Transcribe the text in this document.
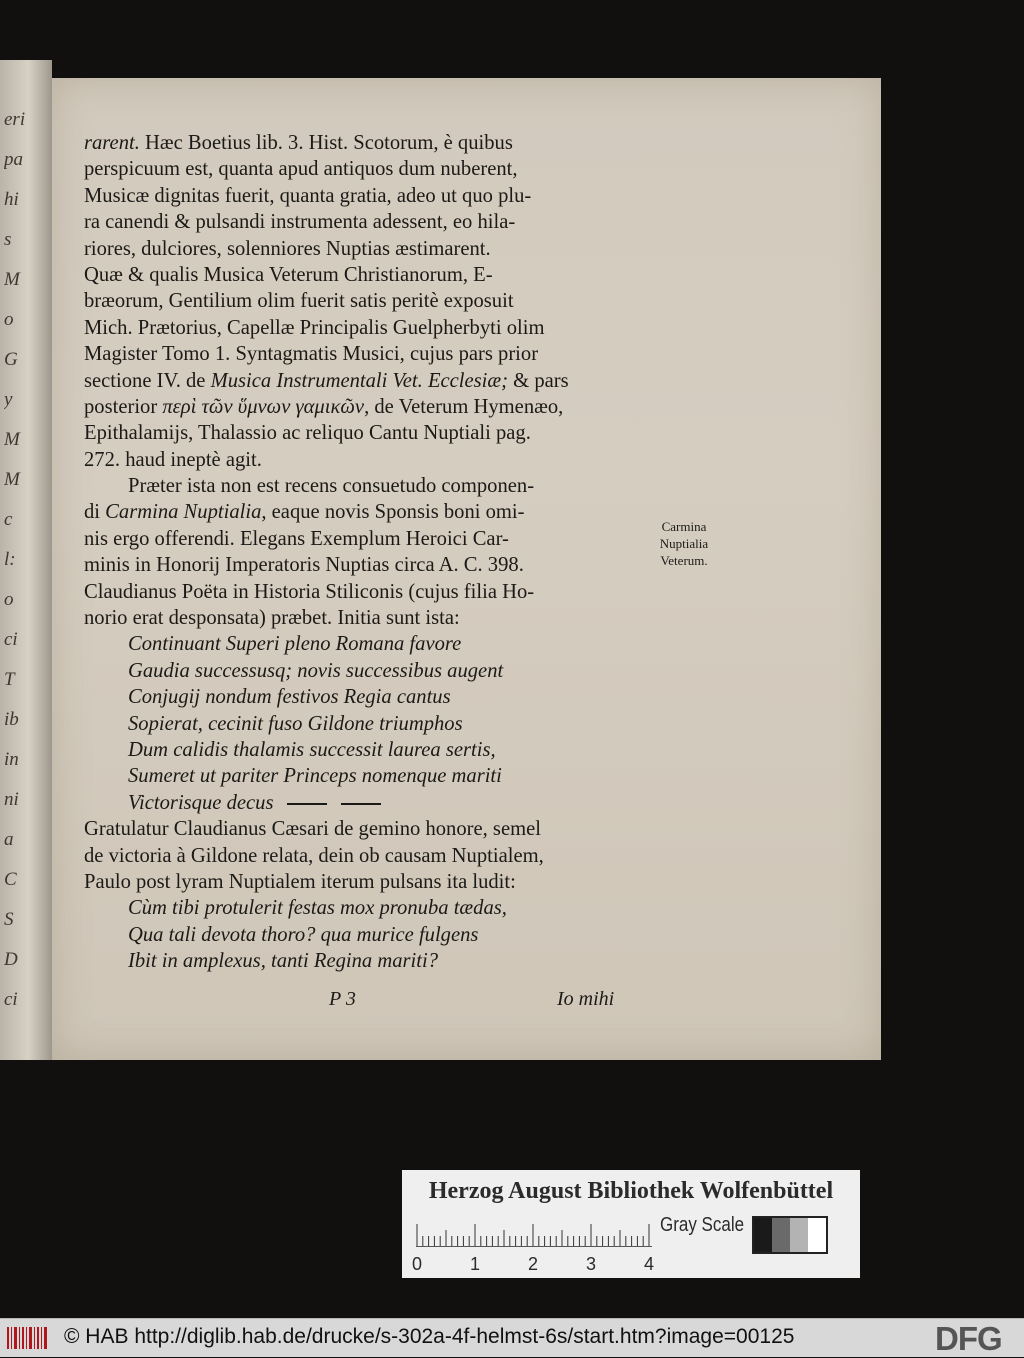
eri
pa
hi
s
M
o
G
y
M
M
c
l:
o
ci
T
ib
in
ni
a
C
S
D
ci
rarent. Hæc Boetius lib. 3. Hist. Scotorum, è quibus
perspicuum est, quanta apud antiquos dum nuberent,
Musicæ dignitas fuerit, quanta gratia, adeo ut quo plu-
ra canendi & pulsandi instrumenta adessent, eo hila-
riores, dulciores, solenniores Nuptias æstimarent.
Quæ & qualis Musica Veterum Christianorum, E-
bræorum, Gentilium olim fuerit satis peritè exposuit
Mich. Prætorius, Capellæ Principalis Guelpherbyti olim
Magister Tomo 1. Syntagmatis Musici, cujus pars prior
sectione IV. de Musica Instrumentali Vet. Ecclesiæ; & pars
posterior περὶ τῶν ὕμνων γαμικῶν, de Veterum Hymenæo,
Epithalamijs, Thalassio ac reliquo Cantu Nuptiali pag.
272. haud ineptè agit.
Præter ista non est recens consuetudo componen-
di Carmina Nuptialia, eaque novis Sponsis boni omi-
nis ergo offerendi. Elegans Exemplum Heroici Car-
minis in Honorij Imperatoris Nuptias circa A. C. 398.
Claudianus Poëta in Historia Stiliconis (cujus filia Ho-
norio erat desponsata) præbet. Initia sunt ista:
Continuant Superi pleno Romana favore
Gaudia successusq; novis successibus augent
Conjugij nondum festivos Regia cantus
Sopierat, cecinit fuso Gildone triumphos
Dum calidis thalamis successit laurea sertis,
Sumeret ut pariter Princeps nomenque mariti
Victorisque decus
Gratulatur Claudianus Cæsari de gemino honore, semel
de victoria à Gildone relata, dein ob causam Nuptialem,
Paulo post lyram Nuptialem iterum pulsans ita ludit:
Cùm tibi protulerit festas mox pronuba tædas,
Qua tali devota thoro? qua murice fulgens
Ibit in amplexus, tanti Regina mariti?
Carmina
Nuptialia
Veterum.
P 3	Io mihi
Herzog August Bibliothek Wolfenbüttel
0	1	2	3	4
Gray Scale
© HAB http://diglib.hab.de/drucke/s-302a-4f-helmst-6s/start.htm?image=00125	DFG
